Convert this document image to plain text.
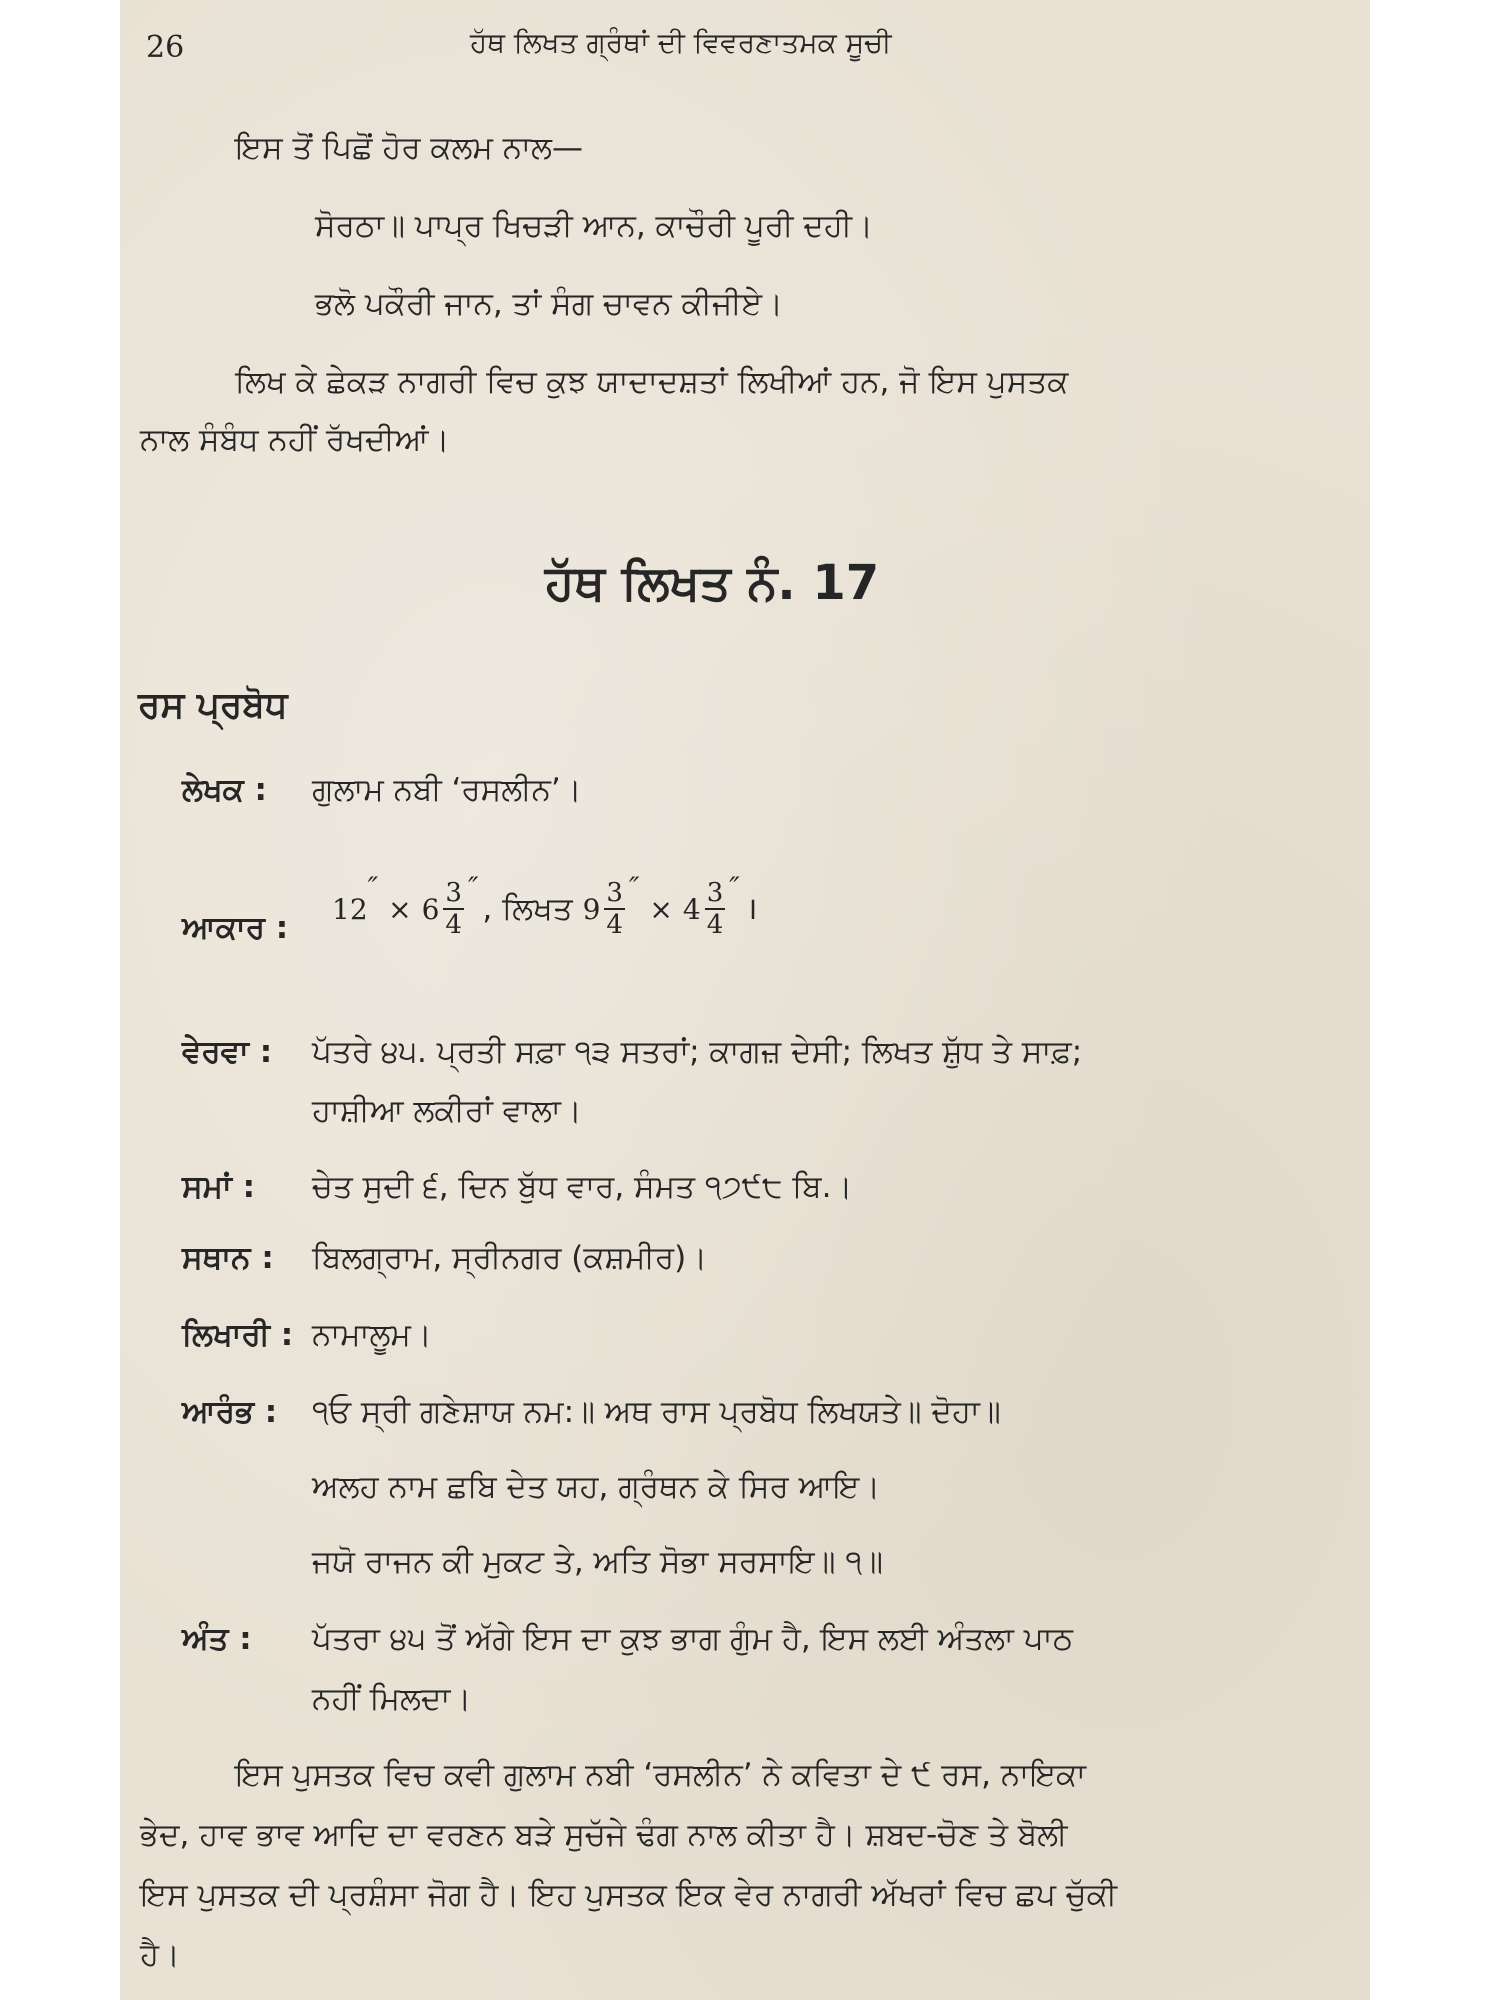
26	ਹੱਥ ਲਿਖਤ ਗ੍ਰੰਥਾਂ ਦੀ ਵਿਵਰਣਾਤਮਕ ਸੂਚੀ
ਇਸ ਤੋਂ ਪਿਛੋਂ ਹੋਰ ਕਲਮ ਨਾਲ—
ਸੋਰਠਾ॥ ਪਾਪ੍ਰ ਖਿਚੜੀ ਆਨ, ਕਾਚੌਰੀ ਪੂਰੀ ਦਹੀ।
ਭਲੋ ਪਕੌਰੀ ਜਾਨ, ਤਾਂ ਸੰਗ ਚਾਵਨ ਕੀਜੀਏ।
ਲਿਖ ਕੇ ਛੇਕੜ ਨਾਗਰੀ ਵਿਚ ਕੁਝ ਯਾਦਾਦਸ਼ਤਾਂ ਲਿਖੀਆਂ ਹਨ, ਜੋ ਇਸ ਪੁਸਤਕ
ਨਾਲ ਸੰਬੰਧ ਨਹੀਂ ਰੱਖਦੀਆਂ।
ਹੱਥ ਲਿਖਤ ਨੰ. 17
ਰਸ ਪ੍ਰਬੋਧ
ਲੇਖਕ : ਗੁਲਾਮ ਨਬੀ ‘ਰਸਲੀਨ’।
ਆਕਾਰ :
12
″
× $6 \frac{3}{4}$ ″
, ਲਿਖਤ $9 \frac{3}{4}$ ″
× $4 \frac{3}{4}$ ″
।
ਵੇਰਵਾ : ਪੱਤਰੇ ੪੫. ਪ੍ਰਤੀ ਸਫ਼ਾ ੧੩ ਸਤਰਾਂ; ਕਾਗਜ਼ ਦੇਸੀ; ਲਿਖਤ ਸ਼ੁੱਧ ਤੇ ਸਾਫ਼;
ਹਾਸ਼ੀਆ ਲਕੀਰਾਂ ਵਾਲਾ।
ਸਮਾਂ : ਚੇਤ ਸੁਦੀ ੬, ਦਿਨ ਬੁੱਧ ਵਾਰ, ਸੰਮਤ ੧੭੯੮ ਬਿ.।
ਸਥਾਨ : ਬਿਲਗ੍ਰਾਮ, ਸ੍ਰੀਨਗਰ (ਕਸ਼ਮੀਰ)।
ਲਿਖਾਰੀ : ਨਾਮਾਲੂਮ।
ਆਰੰਭ : ੧ਓ ਸ੍ਰੀ ਗਣੇਸ਼ਾਯ ਨਮ:॥ ਅਥ ਰਾਸ ਪ੍ਰਬੋਧ ਲਿਖਯਤੇ॥ ਦੋਹਾ॥
ਅਲਹ ਨਾਮ ਛਬਿ ਦੇਤ ਯਹ, ਗ੍ਰੰਥਨ ਕੇ ਸਿਰ ਆਇ।
ਜਯੋ ਰਾਜਨ ਕੀ ਮੁਕਟ ਤੇ, ਅਤਿ ਸੋਭਾ ਸਰਸਾਇ॥ ੧॥
ਅੰਤ : ਪੱਤਰਾ ੪੫ ਤੋਂ ਅੱਗੇ ਇਸ ਦਾ ਕੁਝ ਭਾਗ ਗੁੰਮ ਹੈ, ਇਸ ਲਈ ਅੰਤਲਾ ਪਾਠ
ਨਹੀਂ ਮਿਲਦਾ।
ਇਸ ਪੁਸਤਕ ਵਿਚ ਕਵੀ ਗੁਲਾਮ ਨਬੀ ‘ਰਸਲੀਨ’ ਨੇ ਕਵਿਤਾ ਦੇ ੯ ਰਸ, ਨਾਇਕਾ
ਭੇਦ, ਹਾਵ ਭਾਵ ਆਦਿ ਦਾ ਵਰਣਨ ਬੜੇ ਸੁਚੱਜੇ ਢੰਗ ਨਾਲ ਕੀਤਾ ਹੈ। ਸ਼ਬਦ-ਚੋਣ ਤੇ ਬੋਲੀ
ਇਸ ਪੁਸਤਕ ਦੀ ਪ੍ਰਸ਼ੰਸਾ ਜੋਗ ਹੈ। ਇਹ ਪੁਸਤਕ ਇਕ ਵੇਰ ਨਾਗਰੀ ਅੱਖਰਾਂ ਵਿਚ ਛਪ ਚੁੱਕੀ
ਹੈ।
